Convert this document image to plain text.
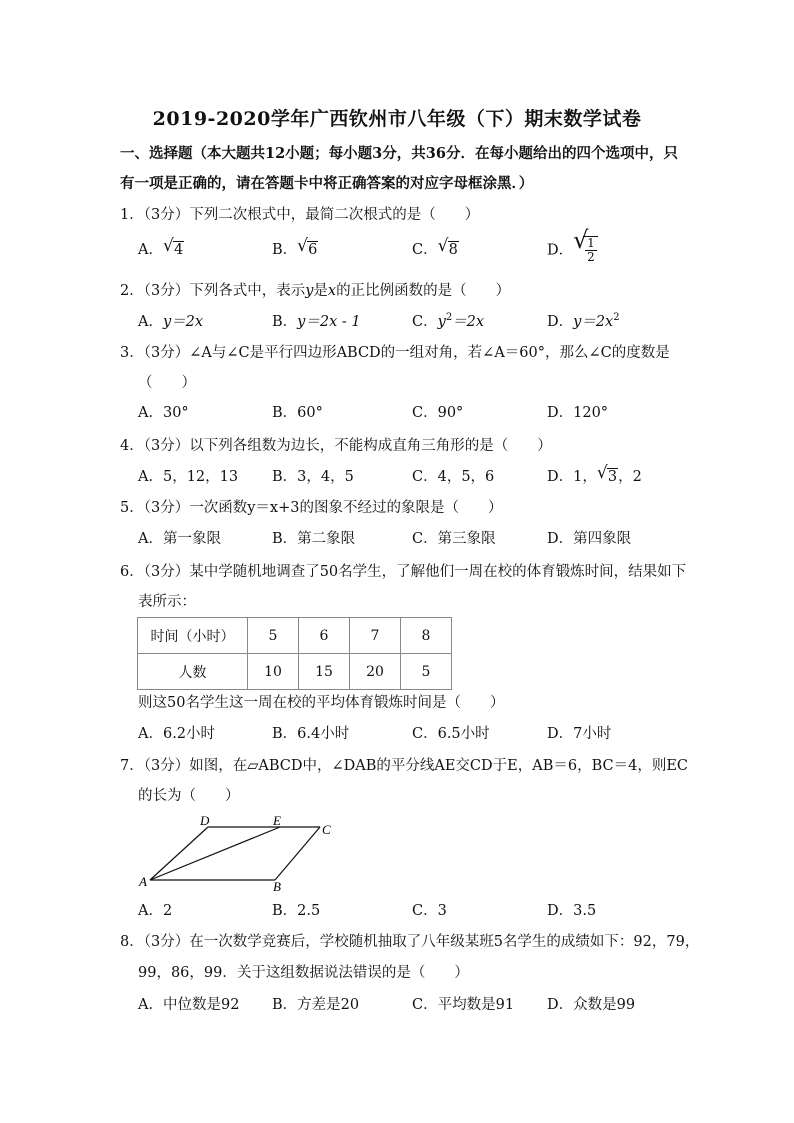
2019-2020学年广西钦州市八年级（下）期末数学试卷
一、选择题（本大题共12小题；每小题3分，共36分．在每小题给出的四个选项中，只
有一项是正确的，请在答题卡中将正确答案的对应字母框涂黑．）
1．（3分）下列二次根式中，最简二次根式的是（　　）
A． √ 4	B． √ 6	C． √ 8	D． √
$\frac{1}{2}$
2．（3分）下列各式中，表示y是x的正比例函数的是（　　）
A．y＝2x	B．y＝2x - 1	C．$y^2=2x$	D．$y=2x^2$
3．（3分）∠A与∠C是平行四边形ABCD的一组对角，若∠A＝60°，那么∠C的度数是
（　　）
A．30°	B．60°	C．90°	D．120°
4．（3分）以下列各组数为边长，不能构成直角三角形的是（　　）
A．5，12，13 B．3，4，5	C．4，5，6	D．1， √ 3，2
5．（3分）一次函数y＝x+3的图象不经过的象限是（　　）
A．第一象限	B．第二象限	C．第三象限	D．第四象限
6．（3分）某中学随机地调查了50名学生，了解他们一周在校的体育锻炼时间，结果如下
表所示：
时间（小时）	5	6	7	8
人数	10	15	20	5
则这50名学生这一周在校的平均体育锻炼时间是（　　）
A．6.2小时	B．6.4小时	C．6.5小时	D．7小时
7．（3分）如图，在▱ABCD中，∠DAB的平分线AE交CD于E，AB＝6，BC＝4，则EC
的长为（　　）
D	E
C
A	B
A．2	B．2.5	C．3	D．3.5
8．（3分）在一次数学竞赛后，学校随机抽取了八年级某班5名学生的成绩如下：92，79，
99，86，99．关于这组数据说法错误的是（　　）
A．中位数是92 B．方差是20	C．平均数是91 D．众数是99
